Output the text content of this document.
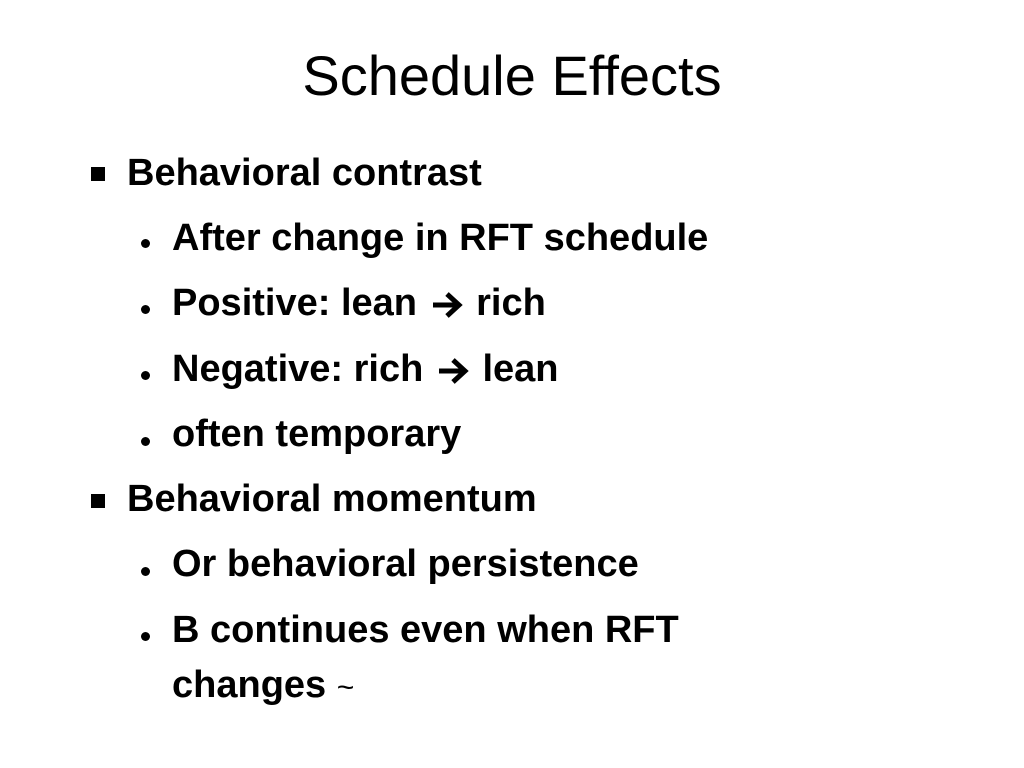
Schedule Effects
Behavioral contrast
After change in RFT schedule
Positive: lean rich
Negative: rich lean
often temporary
Behavioral momentum
Or behavioral persistence
B continues even when RFT
changes ~
